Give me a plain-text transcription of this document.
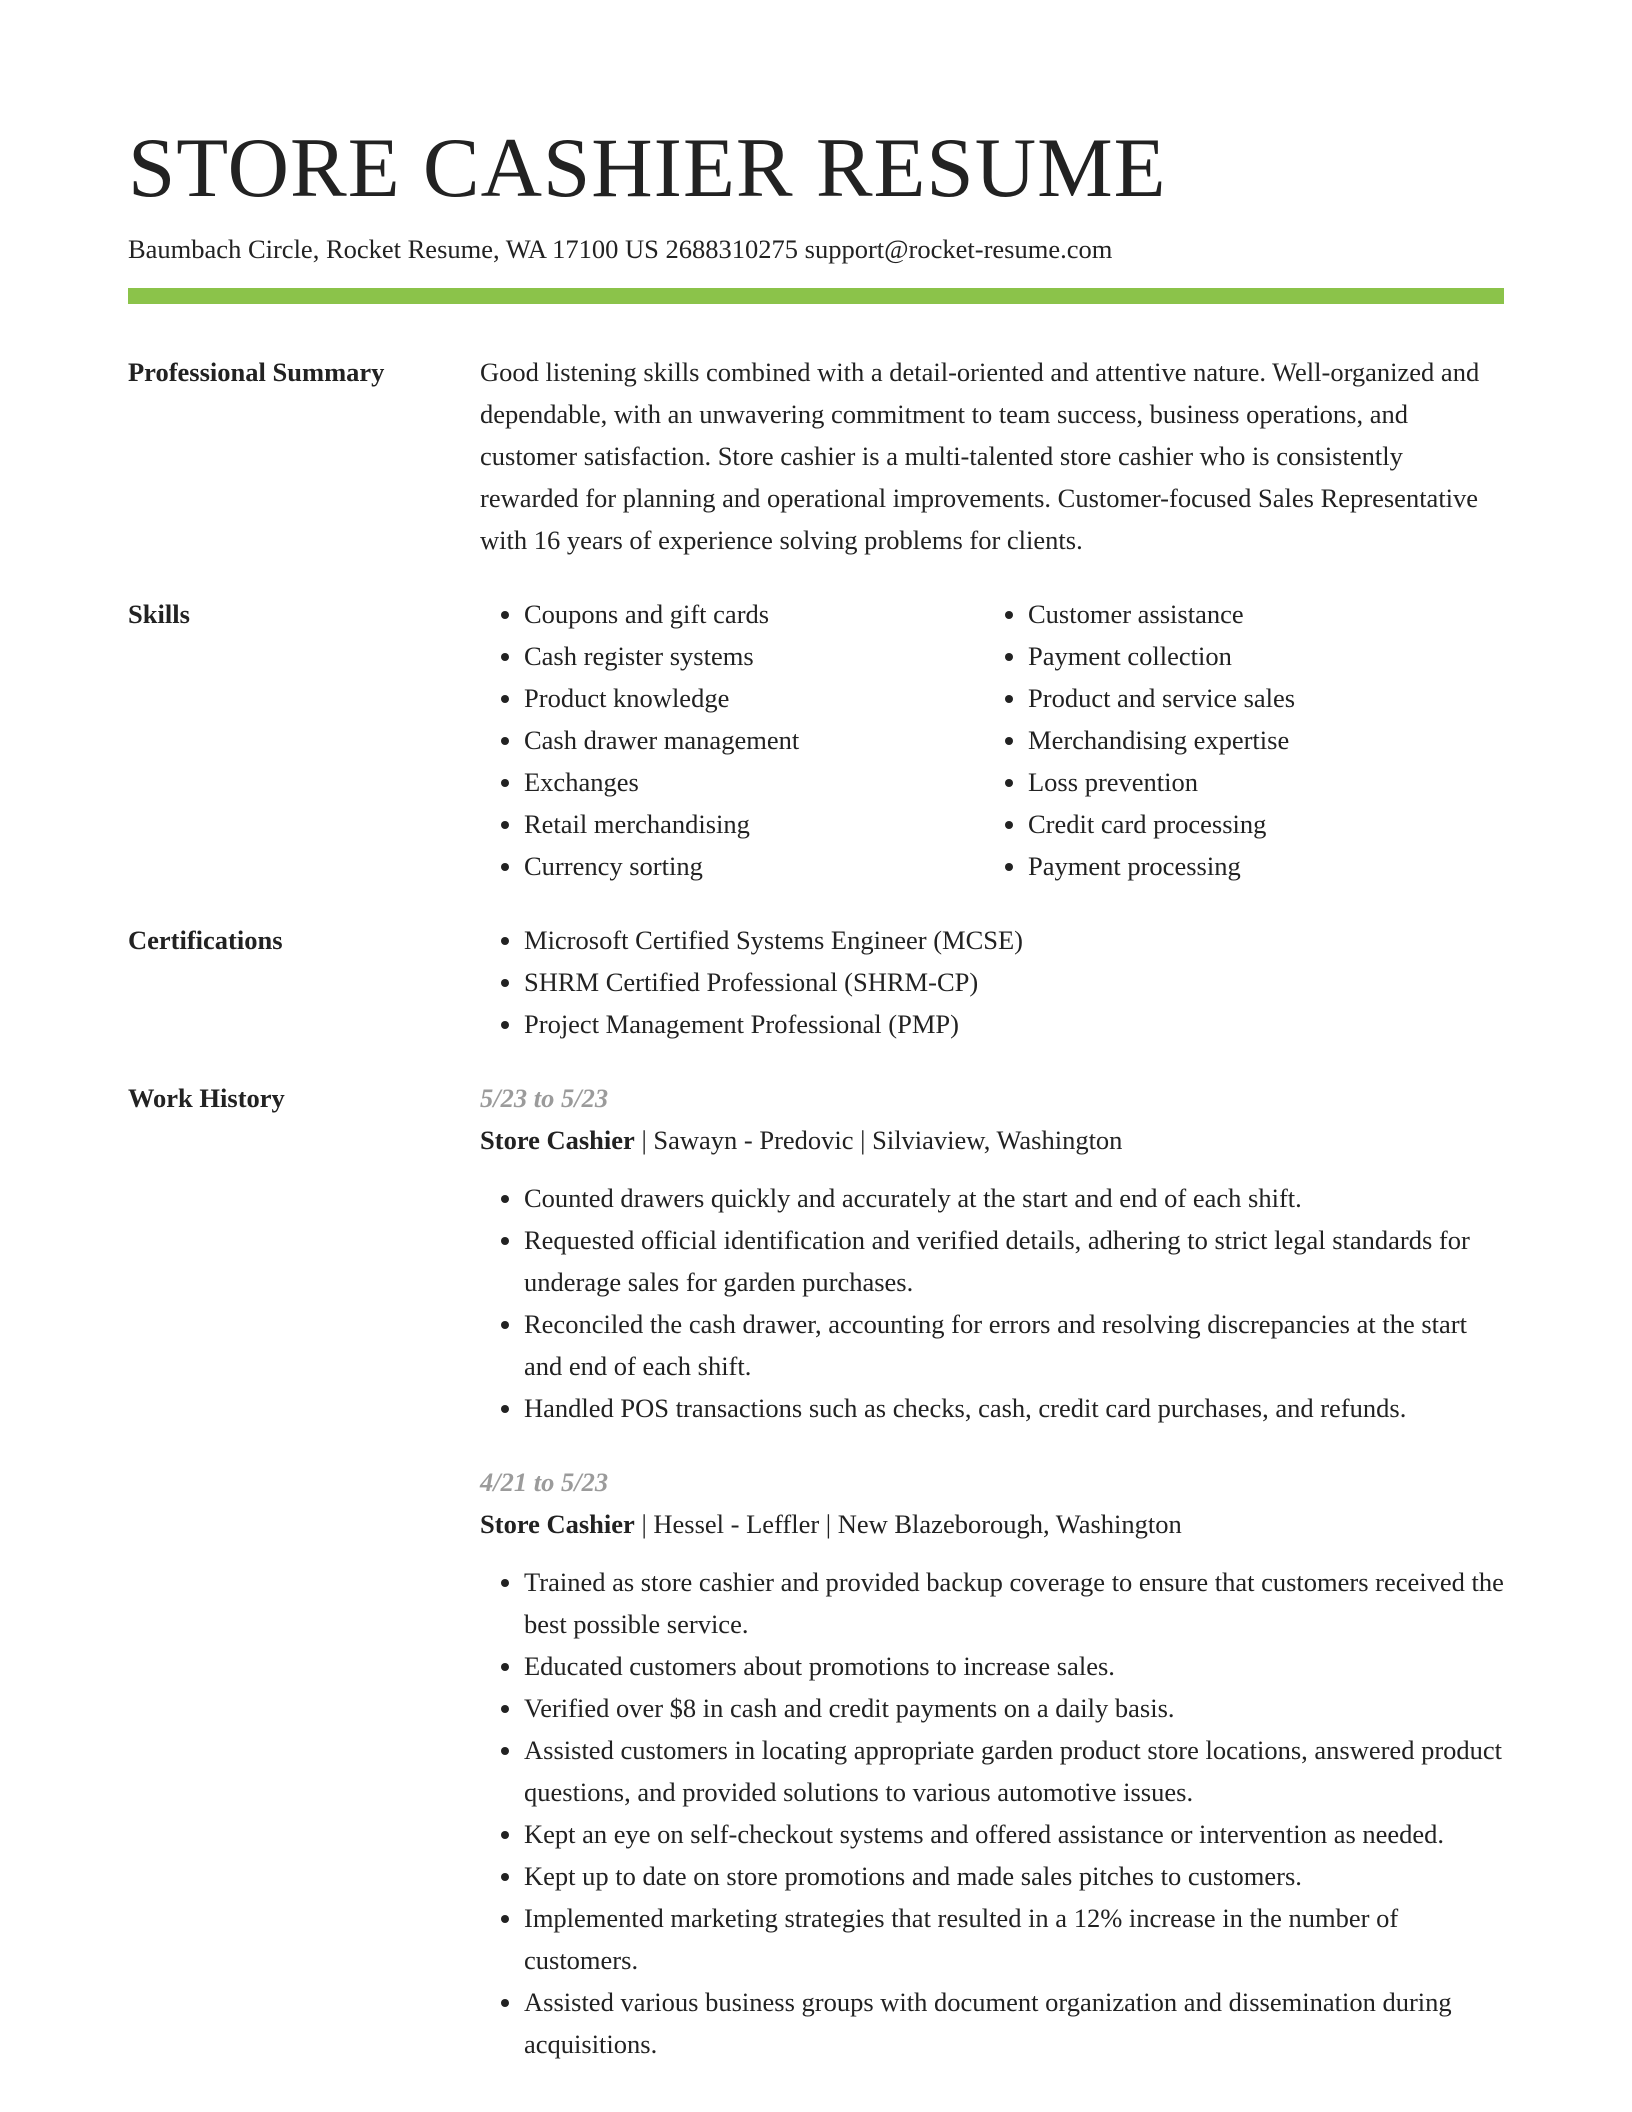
STORE CASHIER RESUME
Baumbach Circle, Rocket Resume, WA 17100 US 2688310275 support@rocket-resume.com
Professional Summary	Good listening skills combined with a detail-oriented and attentive nature. Well-organized and dependable, with an unwavering commitment to team success, business operations, and customer satisfaction. Store cashier is a multi-talented store cashier who is consistently rewarded for planning and operational improvements. Customer-focused Sales Representative with 16 years of experience solving problems for clients.
Skills	• Coupons and gift cards
• Cash register systems
• Product knowledge
• Cash drawer management
• Exchanges
• Retail merchandising
• Currency sorting
• Customer assistance
• Payment collection
• Product and service sales
• Merchandising expertise
• Loss prevention
• Credit card processing
• Payment processing
Certifications	• Microsoft Certified Systems Engineer (MCSE)
• SHRM Certified Professional (SHRM-CP)
• Project Management Professional (PMP)
Work History	5/23 to 5/23
Store Cashier | Sawayn - Predovic | Silviaview, Washington
• Counted drawers quickly and accurately at the start and end of each shift.
• Requested official identification and verified details, adhering to strict legal standards for underage sales for garden purchases.
• Reconciled the cash drawer, accounting for errors and resolving discrepancies at the start and end of each shift.
• Handled POS transactions such as checks, cash, credit card purchases, and refunds.
4/21 to 5/23
Store Cashier | Hessel - Leffler | New Blazeborough, Washington
• Trained as store cashier and provided backup coverage to ensure that customers received the best possible service.
• Educated customers about promotions to increase sales.
• Verified over $8 in cash and credit payments on a daily basis.
• Assisted customers in locating appropriate garden product store locations, answered product questions, and provided solutions to various automotive issues.
• Kept an eye on self-checkout systems and offered assistance or intervention as needed.
• Kept up to date on store promotions and made sales pitches to customers.
• Implemented marketing strategies that resulted in a 12% increase in the number of customers.
• Assisted various business groups with document organization and dissemination during acquisitions.
